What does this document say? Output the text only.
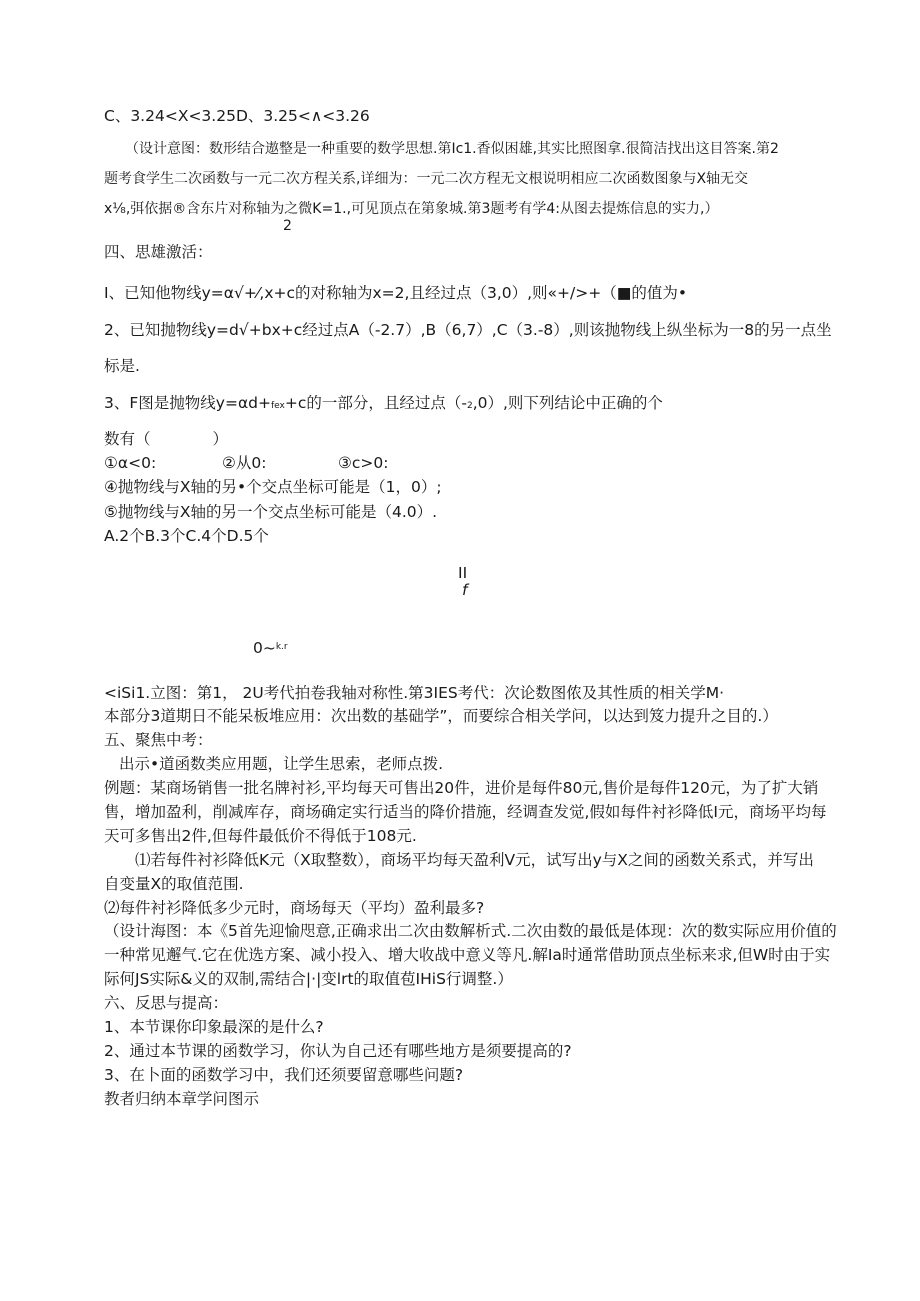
C、3.24<X<3.25D、3.25<∧<3.26
（设计意图：数形结合遨整是一种重要的数学思想.第Ic1.香似困雄,其实比照图拿.很简洁找出这目答案.第2
题考食学生二次函数与一元二次方程关系,详细为：一元二次方程无文根说明相应二次函数图象与X轴无交
x⅛,弭依据®含东片对称轴为之微K=1.,可见顶点在第象城.第3题考有学4:从图去提炼信息的实力,）
2
四、思雄激活：
I、已知他物线y=α√+⁄,x+c的对称轴为x=2,且经过点（3,0）,则«+/>+（■的值为•
2、已知抛物线y=d√+bx+c经过点A（-2.7）,B（6,7）,C（3.-8）,则该抛物线上纵坐标为一8的另一点坐
标是.
3、F图是抛物线y=αd+fex+c的一部分，且经过点（-2,0）,则下列结论中正确的个
数有（　　　　）
①α<0:	②从0:	③c>0:
④抛物线与X轴的另•个交点坐标可能是（1，0）;
⑤抛物线与X轴的另一个交点坐标可能是（4.0）.
A.2个B.3个C.4个D.5个
II
f
0~$^{k.r}$
<iSi1.立图：第1， 2U考代拍卷我轴对称性.第3IES考代：次论数图侬及其性质的相关学M·
本部分3道期日不能呆板堆应用：次出数的基础学”，而要综合相关学问，以达到笈力提升之目的.）
五、聚焦中考：
出示•道函数类应用题，让学生思索，老师点拨.
例题：某商场销售一批名牌衬衫,平均每天可售出20件，进价是每件80元,售价是每件120元，为了扩大销
售，增加盈利，削减库存，商场确定实行适当的降价措施，经调查发觉,假如每件衬衫降低I元，商场平均每
天可多售出2件,但每件最低价不得低于108元.
⑴若每件衬衫降低K元（X取整数），商场平均每天盈利V元，试写出y与X之间的函数关系式，并写出
自变量X的取值范围.
⑵每件衬衫降低多少元时，商场每天（平均）盈利最多?
（设计海图：本《5首先迎愉咫意,正确求出二次由数解析式.二次由数的最低是体现：次的数实际应用价值的
一种常见邂气.它在优选方案、减小投入、增大收战中意义等凡.解Ia时通常借助顶点坐标来求,但W时由于实
际何JS实际&义的双制,需结合|·|变lrt的取值苞IHiS行调整.）
六、反思与提高：
1、本节课你印象最深的是什么?
2、通过本节课的函数学习，你认为自己还有哪些地方是须要提高的?
3、在卜面的函数学习中，我们还须要留意哪些问题?
教者归纳本章学问图示
